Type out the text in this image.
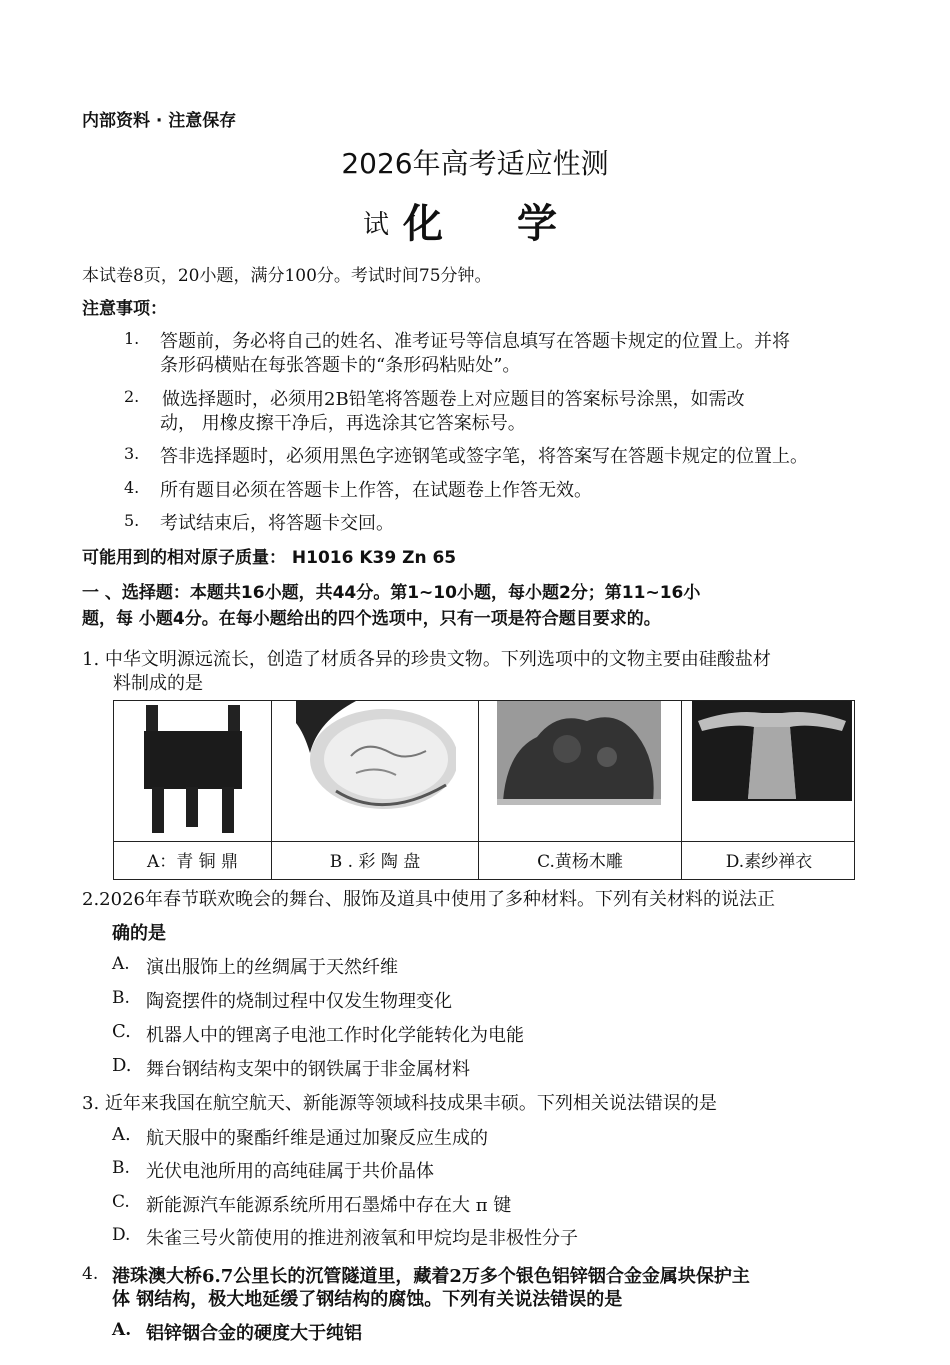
内部资料 · 注意保存
2026年高考适应性测
试 化 学
本试卷8页，20小题，满分100分。考试时间75分钟。
注意事项：
1. 答题前，务必将自己的姓名、准考证号等信息填写在答题卡规定的位置上。并将
条形码横贴在每张答题卡的“条形码粘贴处”。
2. 做选择题时，必须用2B铅笔将答题卷上对应题目的答案标号涂黑，如需改
动， 用橡皮擦干净后，再选涂其它答案标号。
3. 答非选择题时，必须用黑色字迹钢笔或签字笔，将答案写在答题卡规定的位置上。
4. 所有题目必须在答题卡上作答，在试题卷上作答无效。
5. 考试结束后，将答题卡交回。
可能用到的相对原子质量： H1016 K39 Zn 65
一 、选择题：本题共16小题，共44分。第1~10小题，每小题2分；第11~16小
题，每 小题4分。在每小题给出的四个选项中，只有一项是符合题目要求的。
1. 中华文明源远流长，创造了材质各异的珍贵文物。下列选项中的文物主要由硅酸盐材
料制成的是
A：青 铜 鼎	B . 彩 陶 盘	C.黄杨木雕	D.素纱禅衣
2.2026年春节联欢晚会的舞台、服饰及道具中使用了多种材料。下列有关材料的说法正
确的是
A. 演出服饰上的丝绸属于天然纤维
B. 陶瓷摆件的烧制过程中仅发生物理变化
C. 机器人中的锂离子电池工作时化学能转化为电能
D. 舞台钢结构支架中的钢铁属于非金属材料
3. 近年来我国在航空航天、新能源等领域科技成果丰硕。下列相关说法错误的是
A. 航天服中的聚酯纤维是通过加聚反应生成的
B. 光伏电池所用的高纯硅属于共价晶体
C. 新能源汽车能源系统所用石墨烯中存在大 π 键
D. 朱雀三号火箭使用的推进剂液氧和甲烷均是非极性分子
4. 港珠澳大桥6.7公里长的沉管隧道里，藏着2万多个银色铝锌铟合金金属块保护主
体 钢结构，极大地延缓了钢结构的腐蚀。下列有关说法错误的是
A. 铝锌铟合金的硬度大于纯铝
